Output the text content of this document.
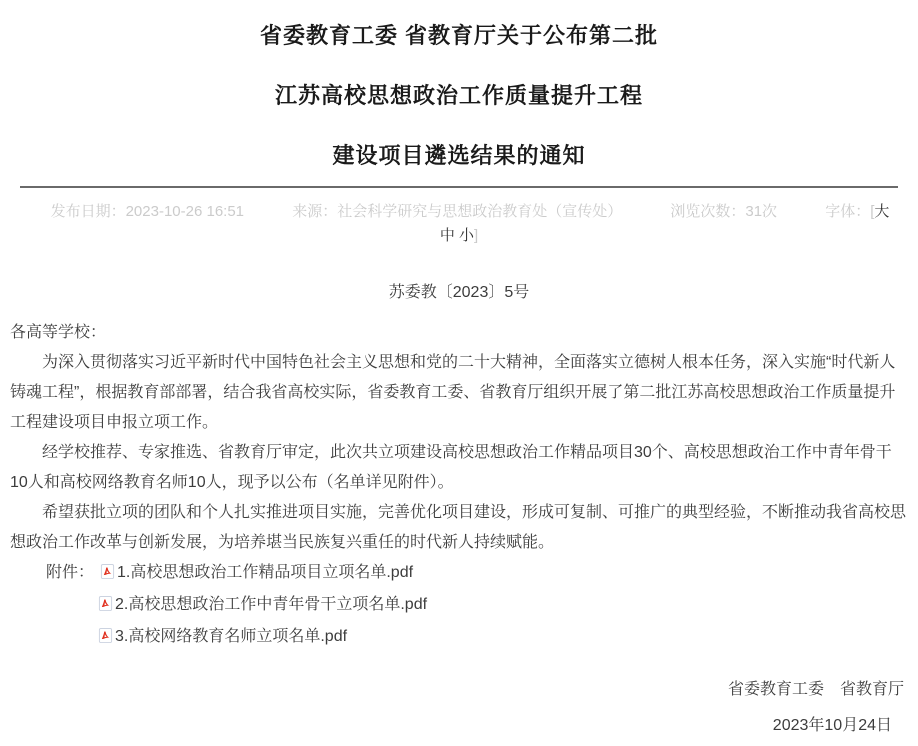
省委教育工委 省教育厅关于公布第二批
江苏高校思想政治工作质量提升工程
建设项目遴选结果的通知
发布日期：2023-10-26 16:51	来源：社会科学研究与思想政治教育处（宣传处）	浏览次数：31次	字体：[大
中 小]
苏委教〔2023〕5号
各高等学校：

为深入贯彻落实习近平新时代中国特色社会主义思想和党的二十大精神，全面落实立德树人根本任务，深入实施“时代新人铸魂工程”，根据教育部部署，结合我省高校实际，省委教育工委、省教育厅组织开展了第二批江苏高校思想政治工作质量提升工程建设项目申报立项工作。

经学校推荐、专家推选、省教育厅审定，此次共立项建设高校思想政治工作精品项目30个、高校思想政治工作中青年骨干10人和高校网络教育名师10人，现予以公布（名单详见附件）。

希望获批立项的团队和个人扎实推进项目实施，完善优化项目建设，形成可复制、可推广的典型经验，不断推动我省高校思想政治工作改革与创新发展，为培养堪当民族复兴重任的时代新人持续赋能。

附件： 1.高校思想政治工作精品项目立项名单.pdf
2.高校思想政治工作中青年骨干立项名单.pdf
3.高校网络教育名师立项名单.pdf
省委教育工委　省教育厅
2023年10月24日
